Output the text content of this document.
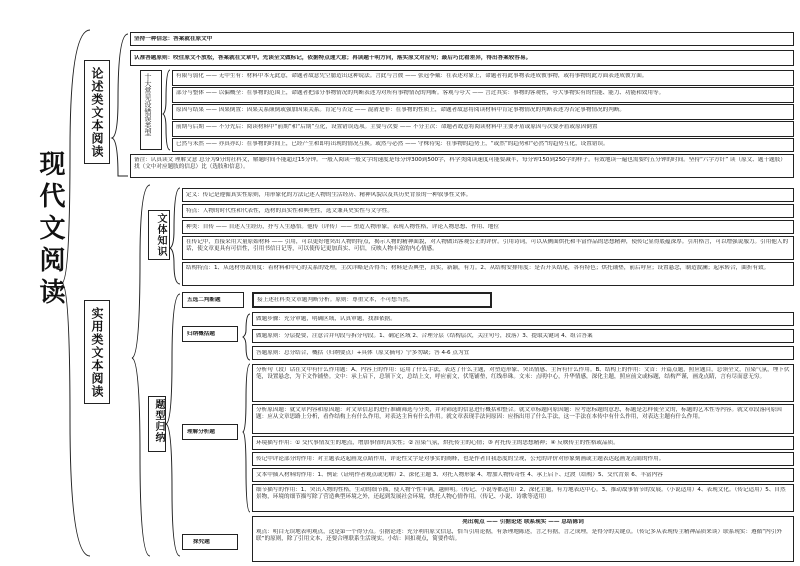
现代文阅读
论述类文本阅读
坚持一种信念：答案就在原文中
认准答题原则：咬住原文不放松，答案就在文章中。先读全文做标记，依据特点速大意；再读题干明方向，落实原文对应句；最后巧比看差异，得出答案较容易。
十大常见设错误类型	有限与弱化 —— 无中生有：材料中本无此意，命题者故意凭空臆造出这种说法。言此与言彼 —— 张冠李戴：在表述对象上，命题者将此事物表述成彼事物，或将事物的此方面表述成彼方面。
部分与整体 —— 以偏概全：在事物的范围上，命题者把部分事物情况的判断表述为对所有事物情况的判断。客观与夸大 —— 言过其实：事物的客观性，夸大事物实有的性能、能力、功能和效用等。
原因与结果 —— 因果倒置：因果关系颠倒或强加因果关系。肯定与否定 —— 混淆是非：在事物的性质上，命题者故意将阅读材料中肯定事物情况的判断表述为否定事物情况的判断。
前期与后期 —— 不分先后：阅读材料中“前期”和“后期”互化，设置错误选项。主要与次要 —— 不分主次：命题者故意将阅读材料中主要矛盾或原因与次要矛盾或原因倒置
已然与未然 —— 亦真亦幻：在事物的时间上，已经产生和即将出现的情况互换。或然与必然 —— 守株待兔：在事物的趋势上，“或然”的趋势和“必然”的趋势互化，设置错误。
备注：认真读文 理解文意 总分为9分的社科文，解题时间不能超过15分钟。一般人阅读一般文字的速度是每分钟300到500字，科学类阅读速度可能要减半，每分钟150到250字的样子。有效地读一遍也需要约五分钟的时间。坚持“六字方针” 读（原文、题干题肢）找（文中对应题肢的信息）比（选肢和信息）。
实用类文本阅读
文体知识
定义：传记是遵循真实性原则，用形象化的方法记述人物的生活经历、精神风貌以及其历史背景的一种叙事性文体。
特点：人物的时代性和代表性，选材的真实性和典型性，选文兼具史实性与文学性。
种类：自传 —— 自述人生经历，抒写人生感悟。他传（评传）—— 塑造人物形象，表现人物性格，评论人物思想、作用、地位
在传记中，直接采用大量原始材料 —— 引用，可以更好地突出人物的特点，揭示人物的精神面貌，对人物做出客观公正的评价。引用诗词，可以从侧面烘托和丰富作品的思想精神，使传记显得底蕴深厚。引用格言，可以增强说服力。引用他人的话，使文章更具有可信性，引用书信日记等，可以使传记更加真实、可信，反映人物丰富的内心情感。
结构特点：1、从选材剪裁角度：着材料和中心的关系的处理，主次详略是否得当；材料是否典型，真实，新颖，有力。2、从结构安排角度：是否开头结尾，各有特色；烘托铺垫，前后呼应；设置悬念，制造波澜；起承转合，曲折有致。
题型归纳
五选二判断题	接上述社科类文章题判断分析。原则：尊重文本，不可想当然。
归纳概括题
做题步骤：充分审题，明确区域，认真审题，找准依据。
做题原则：分层提要，注意合并句段与拆分句段。1、确定区域 2、合理分层（结构层次，关注句号，段落）3、提取关键词 4、组合答案
答题原则：总分结合，概括（归纳要点）+具体（原文摘句）宁多勿缺；答 4-6 点为宜
理解分析题
分析句（段）话在文中有什么作用题：A、内容上的作用：运用了什么手法，表达了什么主题，对塑造形象、突出情感、主旨有什么作用。B、结构上的作用：文首：开篇点题，照应题目，总领全文，渲染气氛，埋下伏笔，设置悬念，为下文作铺垫。文中：承上启下，总领下文，总结上文，呼应前文，伏笔铺垫，红线串珠。文末：点明中心，升华情感，深化主题，照应前文或标题，结构严谨，画龙点睛，言有尽而意无穷。
分析原因题：就文章内容和原因题：对文章信息的进行准确筛选与分类，并对筛选的信息进行概括和整合。就文章标题问原因题：应考虑标题的意思，标题是怎样使全文的，标题的艺术性等内容。就文章段落问原因题：应从文章思路上分析，看作结构上有什么作用，对表达主旨有什么作用。就文章表现手法问原因：应指出用了什么手法，这一手法在本传中有什么作用，对表达主题有什么作用。
环境描写作用：① 交代事情发生的地点，增加事情的真实性；② 渲染气氛，烘托传主的心情；③ 衬托传主的思想精神；④ 反映传主的性格或品质。
传记中评论部分的作用：对主题表达起画龙点睛作用，评论性文字是对事实的阐释，也是作者自我态度的呈现，公允的评价对形象刻画或主题表达起画龙点睛的作用。
文本中插入材料的作用：1、例证（证明作者观点或见解）2、深化主题 3、对托人物形象 4、增加人物传奇性 4、承上启下、过渡（结构）5、交代背景 6、丰富内容
细节描写的作用：1、突出人物的性格，生动的细节描，使人物个性丰满，越鲜明。（传记、小说等都适用）2、深化主题，有力地表达中心。3、推动故事情节的发展。（小说适用）4、表现文化。（传记适用）5、自然景物，环境的细节描写除了营造典型环境之外，还起到发展社会环境，烘托人物心情作用。（传记、小说、诗歌等适用）
探究题
亮出观点 —— 引据论述 联系现实 —— 总结陈词
观点：明白无误地表明观点，这是第一个得分点。引据论述：充分利用原文信息，恰当引用论据，有条理地陈述，言之有据，言之成理，是得分的关键点。（传记多从表现传主精神品质来谈）联系现实：遵循“内引外联”的原则，除了引用文本，还要合理联系生活现实。小结：回扣观点，简要作结。
